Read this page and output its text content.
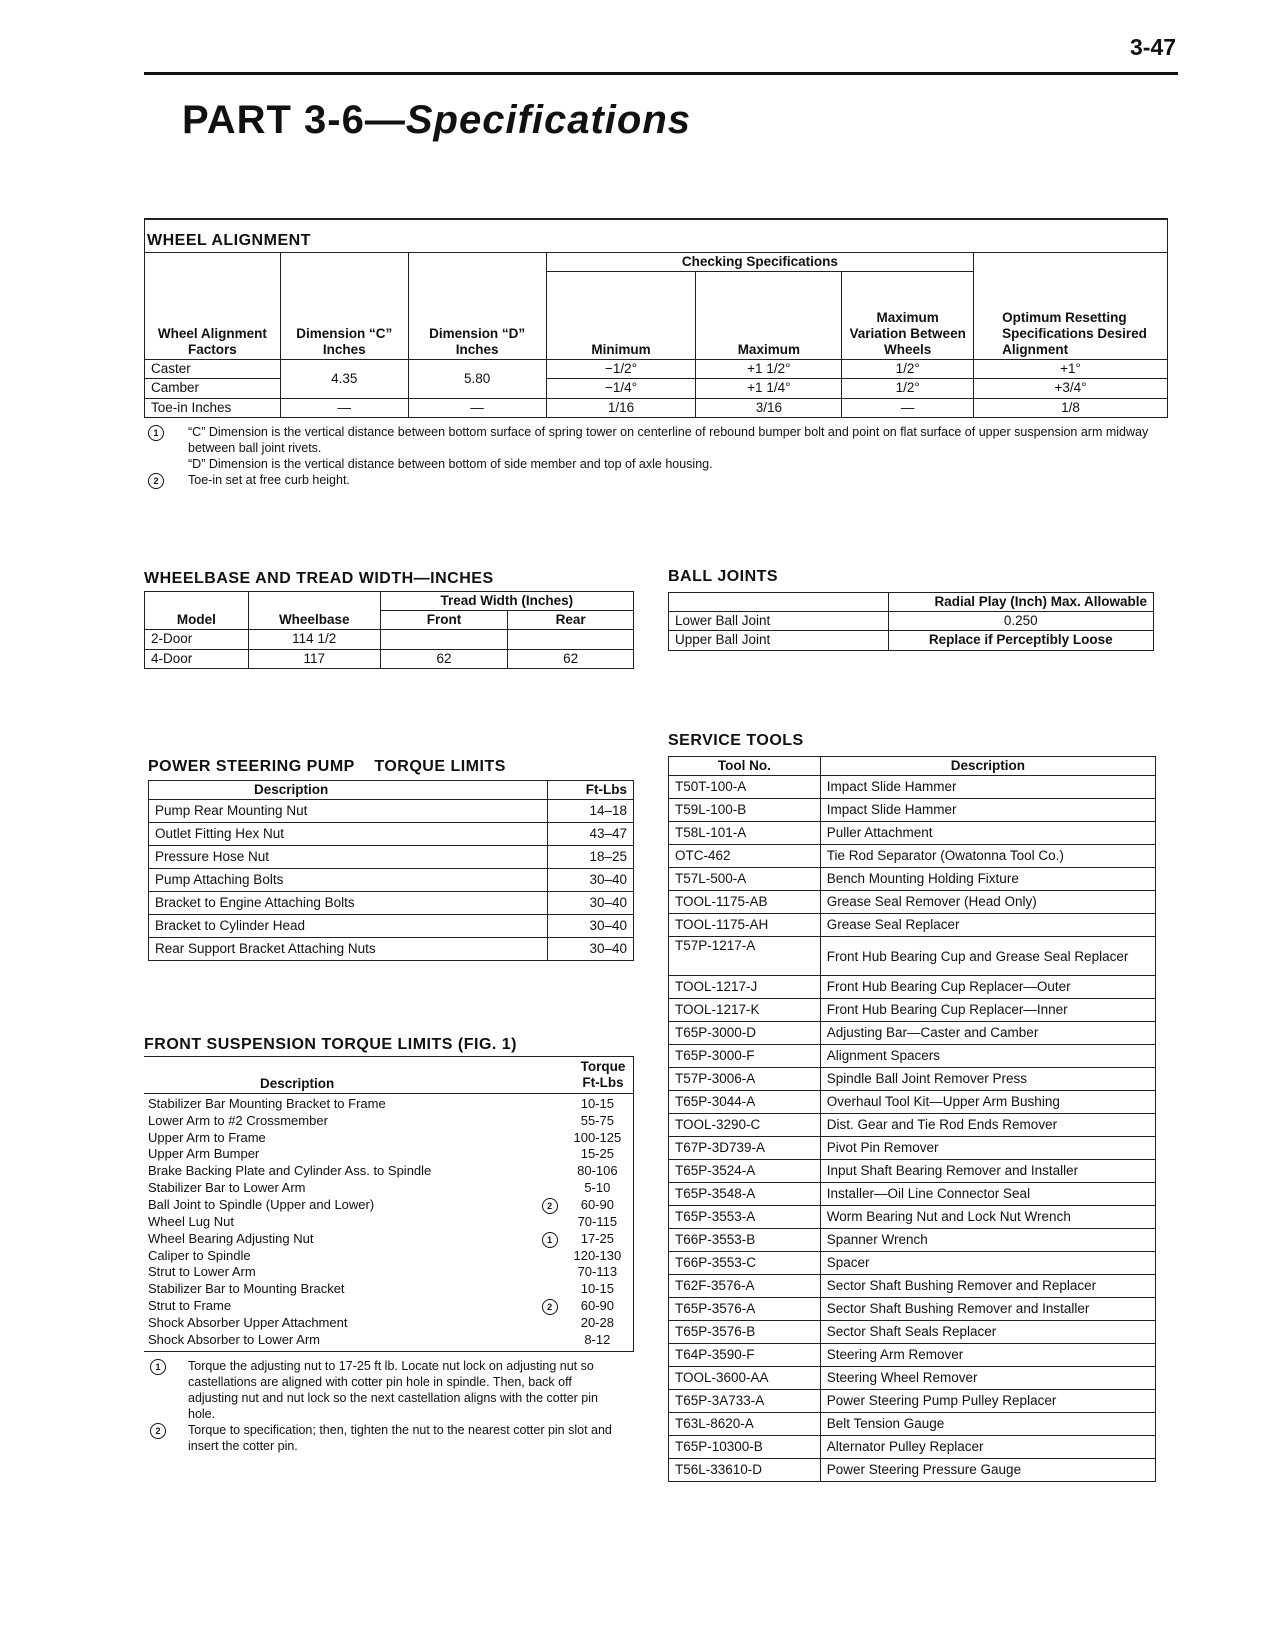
3-47
PART 3-6—Specifications
WHEEL ALIGNMENT
Wheel Alignment Factors	Dimension “C” Inches	Dimension “D” Inches	Checking Specifications			Optimum Resetting Specifications Desired Alignment
			Minimum	Maximum	Maximum Variation Between Wheels	
Caster	4.35	5.80	−1/2°	+1 1/2°	1/2°	+1°
Camber			−1/4°	+1 1/4°	1/2°	+3/4°
Toe-in Inches	—	—	1/16	3/16	—	1/8
1	“C” Dimension is the vertical distance between bottom surface of spring tower on centerline of rebound bumper bolt and point on flat surface of upper suspension arm midway between ball joint rivets.
“D” Dimension is the vertical distance between bottom of side member and top of axle housing.
2	Toe-in set at free curb height.
WHEELBASE AND TREAD WIDTH—INCHES
Model	Wheelbase	Tread Width (Inches)	
		Front	Rear
2-Door	114 1/2		
4-Door	117	62	62
BALL JOINTS
	Radial Play (Inch) Max. Allowable
Lower Ball Joint	0.250
Upper Ball Joint	Replace if Perceptibly Loose
POWER STEERING PUMP    TORQUE LIMITS
Description	Ft-Lbs
Pump Rear Mounting Nut	14–18
Outlet Fitting Hex Nut	43–47
Pressure Hose Nut	18–25
Pump Attaching Bolts	30–40
Bracket to Engine Attaching Bolts	30–40
Bracket to Cylinder Head	30–40
Rear Support Bracket Attaching Nuts	30–40
FRONT SUSPENSION TORQUE LIMITS (FIG. 1)
Description
Torque Ft-Lbs
Stabilizer Bar Mounting Bracket to Frame		10-15
Lower Arm to #2 Crossmember		55-75
Upper Arm to Frame		100-125
Upper Arm Bumper		15-25
Brake Backing Plate and Cylinder Ass. to Spindle		80-106
Stabilizer Bar to Lower Arm		5-10
Ball Joint to Spindle (Upper and Lower)	2	60-90
Wheel Lug Nut		70-115
Wheel Bearing Adjusting Nut	1	17-25
Caliper to Spindle		120-130
Strut to Lower Arm		70-113
Stabilizer Bar to Mounting Bracket		10-15
Strut to Frame	2	60-90
Shock Absorber Upper Attachment		20-28
Shock Absorber to Lower Arm		8-12
1	Torque the adjusting nut to 17-25 ft lb. Locate nut lock on adjusting nut so castellations are aligned with cotter pin hole in spindle. Then, back off adjusting nut and nut lock so the next castellation aligns with the cotter pin hole.
2	Torque to specification; then, tighten the nut to the nearest cotter pin slot and insert the cotter pin.
SERVICE TOOLS
Tool No.	Description
T50T-100-A	Impact Slide Hammer
T59L-100-B	Impact Slide Hammer
T58L-101-A	Puller Attachment
OTC-462	Tie Rod Separator (Owatonna Tool Co.)
T57L-500-A	Bench Mounting Holding Fixture
TOOL-1175-AB	Grease Seal Remover (Head Only)
TOOL-1175-AH	Grease Seal Replacer
T57P-1217-A	Front Hub Bearing Cup and Grease Seal Replacer
TOOL-1217-J	Front Hub Bearing Cup Replacer—Outer
TOOL-1217-K	Front Hub Bearing Cup Replacer—Inner
T65P-3000-D	Adjusting Bar—Caster and Camber
T65P-3000-F	Alignment Spacers
T57P-3006-A	Spindle Ball Joint Remover Press
T65P-3044-A	Overhaul Tool Kit—Upper Arm Bushing
TOOL-3290-C	Dist. Gear and Tie Rod Ends Remover
T67P-3D739-A	Pivot Pin Remover
T65P-3524-A	Input Shaft Bearing Remover and Installer
T65P-3548-A	Installer—Oil Line Connector Seal
T65P-3553-A	Worm Bearing Nut and Lock Nut Wrench
T66P-3553-B	Spanner Wrench
T66P-3553-C	Spacer
T62F-3576-A	Sector Shaft Bushing Remover and Replacer
T65P-3576-A	Sector Shaft Bushing Remover and Installer
T65P-3576-B	Sector Shaft Seals Replacer
T64P-3590-F	Steering Arm Remover
TOOL-3600-AA	Steering Wheel Remover
T65P-3A733-A	Power Steering Pump Pulley Replacer
T63L-8620-A	Belt Tension Gauge
T65P-10300-B	Alternator Pulley Replacer
T56L-33610-D	Power Steering Pressure Gauge
